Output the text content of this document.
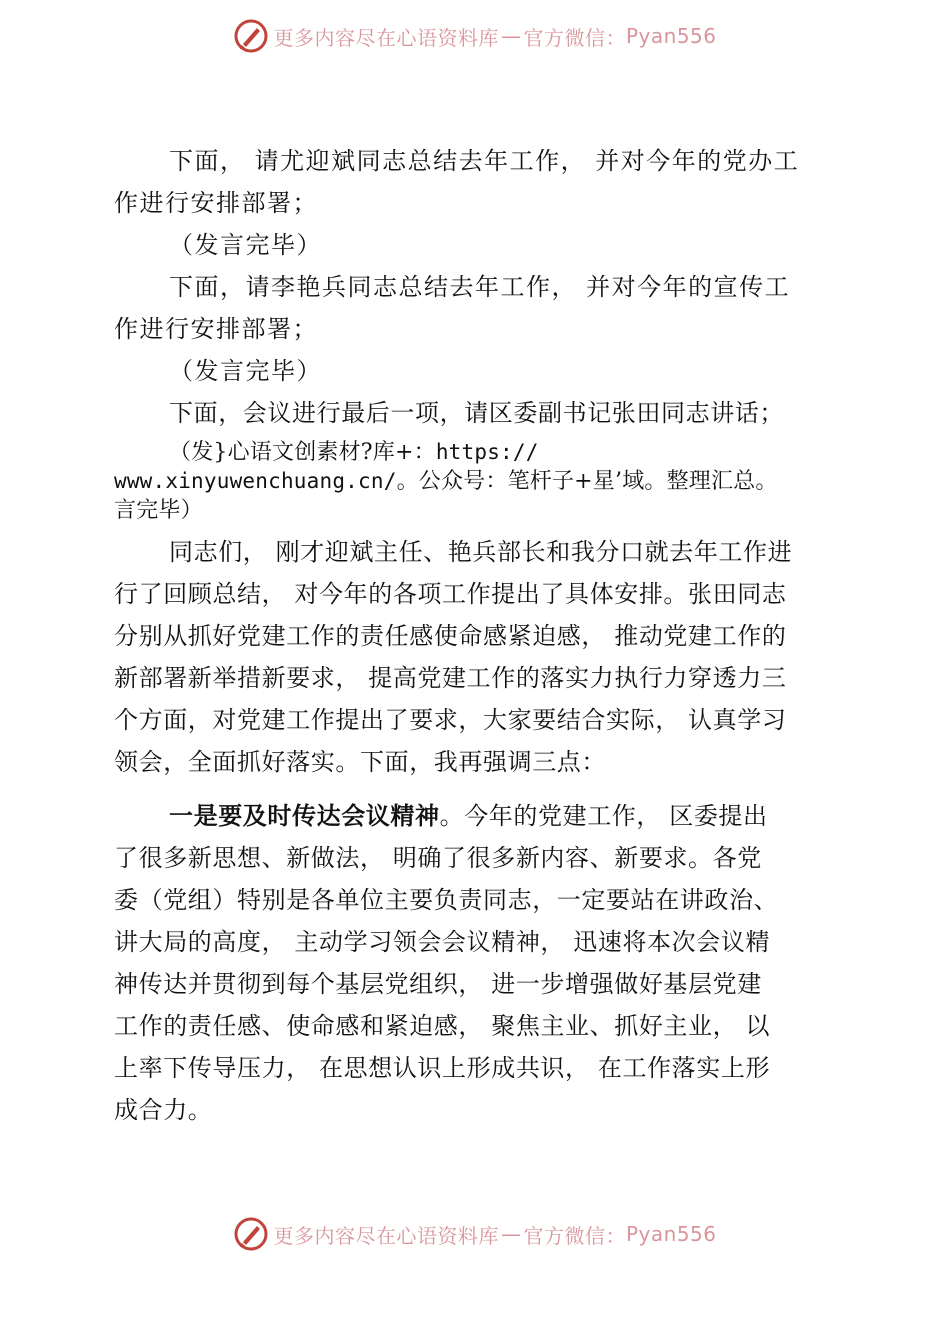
更多内容尽在心语资料库 — 官方微信： Pyan556

下面， 请尤迎斌同志总结去年工作， 并对今年的党办工

作进行安排部署；

（发言完毕）

下面，请李艳兵同志总结去年工作， 并对今年的宣传工

作进行安排部署；

（发言完毕）

下面，会议进行最后一项，请区委副书记张田同志讲话；

（发}心语文创素材?库+：https://
www.xinyuwenchuang.cn/。公众号：笔杆子+星’域。整理汇总。
言完毕）

同志们， 刚才迎斌主任、艳兵部长和我分口就去年工作进

行了回顾总结， 对今年的各项工作提出了具体安排。张田同志

分别从抓好党建工作的责任感使命感紧迫感， 推动党建工作的

新部署新举措新要求， 提高党建工作的落实力执行力穿透力三

个方面，对党建工作提出了要求，大家要结合实际， 认真学习

领会，全面抓好落实。下面，我再强调三点：

一是要及时传达会议精神。今年的党建工作， 区委提出

了很多新思想、新做法， 明确了很多新内容、新要求。各党

委（党组）特别是各单位主要负责同志，一定要站在讲政治、

讲大局的高度， 主动学习领会会议精神， 迅速将本次会议精

神传达并贯彻到每个基层党组织， 进一步增强做好基层党建

工作的责任感、使命感和紧迫感， 聚焦主业、抓好主业， 以

上率下传导压力， 在思想认识上形成共识， 在工作落实上形

成合力。

更多内容尽在心语资料库 — 官方微信： Pyan556
